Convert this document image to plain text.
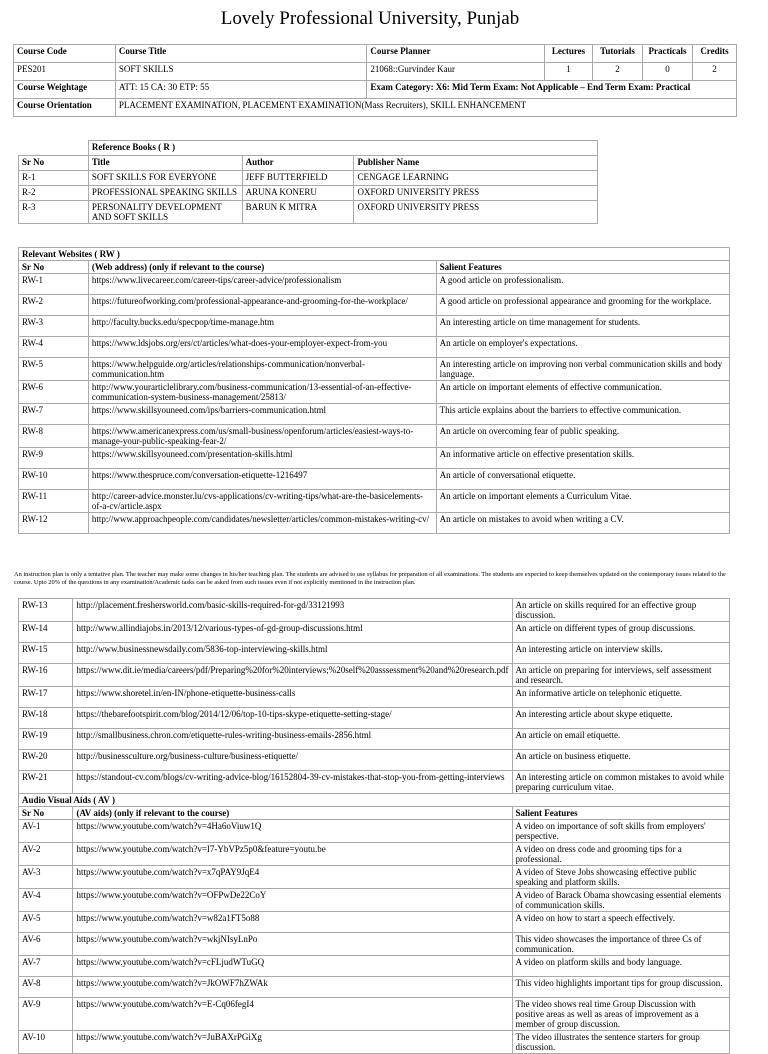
Lovely Professional University, Punjab
Course Code	Course Title	Course Planner	Lectures	Tutorials	Practicals	Credits
PES201	SOFT SKILLS	21068::Gurvinder Kaur	1	2	0	2
Course Weightage	ATT: 15 CA: 30 ETP: 55	Exam Category: X6: Mid Term Exam: Not Applicable – End Term Exam: Practical				
Course Orientation	PLACEMENT EXAMINATION, PLACEMENT EXAMINATION(Mass Recruiters), SKILL ENHANCEMENT					
	Reference Books ( R )		
Sr No	Title	Author	Publisher Name
R-1	SOFT SKILLS FOR EVERYONE	JEFF BUTTERFIELD	CENGAGE LEARNING
R-2	PROFESSIONAL SPEAKING SKILLS	ARUNA KONERU	OXFORD UNIVERSITY PRESS
R-3	PERSONALITY DEVELOPMENT AND SOFT SKILLS	BARUN K MITRA	OXFORD UNIVERSITY PRESS
Relevant Websites ( RW )		
Sr No	(Web address) (only if relevant to the course)	Salient Features
RW-1	https://www.livecareer.com/career-tips/career-advice/professionalism	A good article on professionalism.
RW-2	https://futureofworking.com/professional-appearance-and-grooming-for-the-workplace/	A good article on professional appearance and grooming for the workplace.
RW-3	http://faculty.bucks.edu/specpop/time-manage.htm	An interesting article on time management for students.
RW-4	https://www.ldsjobs.org/ers/ct/articles/what-does-your-employer-expect-from-you	An article on employer's expectations.
RW-5	https://www.helpguide.org/articles/relationships-communication/nonverbal-communication.htm	An interesting article on improving non verbal communication skills and body language.
RW-6	http://www.yourarticlelibrary.com/business-communication/13-essential-of-an-effective-communication-system-business-management/25813/	An article on important elements of effective communication.
RW-7	https://www.skillsyouneed.com/ips/barriers-communication.html	This article explains about the barriers to effective communication.
RW-8	https://www.americanexpress.com/us/small-business/openforum/articles/easiest-ways-to-manage-your-public-speaking-fear-2/	An article on overcoming fear of public speaking.
RW-9	https://www.skillsyouneed.com/presentation-skills.html	An informative article on effective presentation skills.
RW-10	https://www.thespruce.com/conversation-etiquette-1216497	An article of conversational etiquette.
RW-11	http://career-advice.monster.lu/cvs-applications/cv-writing-tips/what-are-the-basicelements-of-a-cv/article.aspx	An article on important elements a Curriculum Vitae.
RW-12	http://www.approachpeople.com/candidates/newsletter/articles/common-mistakes-writing-cv/	An article on mistakes to avoid when writing a CV.
An instruction plan is only a tentative plan. The teacher may make some changes in his/her teaching plan. The students are advised to use syllabus for preparation of all examinations. The students are expected to keep themselves updated on the contemporary issues related to the course. Upto 20% of the questions in any examination/Academic tasks can be asked from such issues even if not explicitly mentioned in the instruction plan.
RW-13	http://placement.freshersworld.com/basic-skills-required-for-gd/33121993	An article on skills required for an effective group discussion.
RW-14	http://www.allindiajobs.in/2013/12/various-types-of-gd-group-discussions.html	An article on different types of group discussions.
RW-15	http://www.businessnewsdaily.com/5836-top-interviewing-skills.html	An interesting article on interview skills.
RW-16	https://www.dit.ie/media/careers/pdf/Preparing%20for%20interviews;%20self%20asssessment%20and%20research.pdf	An article on preparing for interviews, self assessment and research.
RW-17	https://www.shoretel.in/en-IN/phone-etiquette-business-calls	An informative article on telephonic etiquette.
RW-18	https://thebarefootspirit.com/blog/2014/12/06/top-10-tips-skype-etiquette-setting-stage/	An interesting article about skype etiquette.
RW-19	http://smallbusiness.chron.com/etiquette-rules-writing-business-emails-2856.html	An article on email etiquette.
RW-20	http://businessculture.org/business-culture/business-etiquette/	An article on business etiquette.
RW-21	https://standout-cv.com/blogs/cv-writing-advice-blog/16152804-39-cv-mistakes-that-stop-you-from-getting-interviews	An interesting article on common mistakes to avoid while preparing curriculum vitae.
Audio Visual Aids ( AV )		
Sr No	(AV aids) (only if relevant to the course)	Salient Features
AV-1	https://www.youtube.com/watch?v=4Ha6oViuw1Q	A video on importance of soft skills from employers' perspective.
AV-2	https://www.youtube.com/watch?v=I7-YbVPz5p0&feature=youtu.be	A video on dress code and grooming tips for a professional.
AV-3	https://www.youtube.com/watch?v=x7qPAY9JqE4	A video of Steve Jobs showcasing effective public speaking and platform skills.
AV-4	https://www.youtube.com/watch?v=OFPwDe22CoY	A video of Barack Obama showcasing essential elements of communication skills.
AV-5	https://www.youtube.com/watch?v=w82a1FT5o88	A video on how to start a speech effectively.
AV-6	https://www.youtube.com/watch?v=wkjNIsyLnPo	This video showcases the importance of three Cs of communication.
AV-7	https://www.youtube.com/watch?v=cFLjudWTuGQ	A video on platform skills and body language.
AV-8	https://www.youtube.com/watch?v=JkOWF7hZWAk	This video highlights important tips for group discussion.
AV-9	https://www.youtube.com/watch?v=E-Cq06fegI4	The video shows real time Group Discussion with positive areas as well as areas of improvement as a member of group discussion.
AV-10	https://www.youtube.com/watch?v=JuBAXrPGiXg	The video illustrates the sentence starters for group discussion.
